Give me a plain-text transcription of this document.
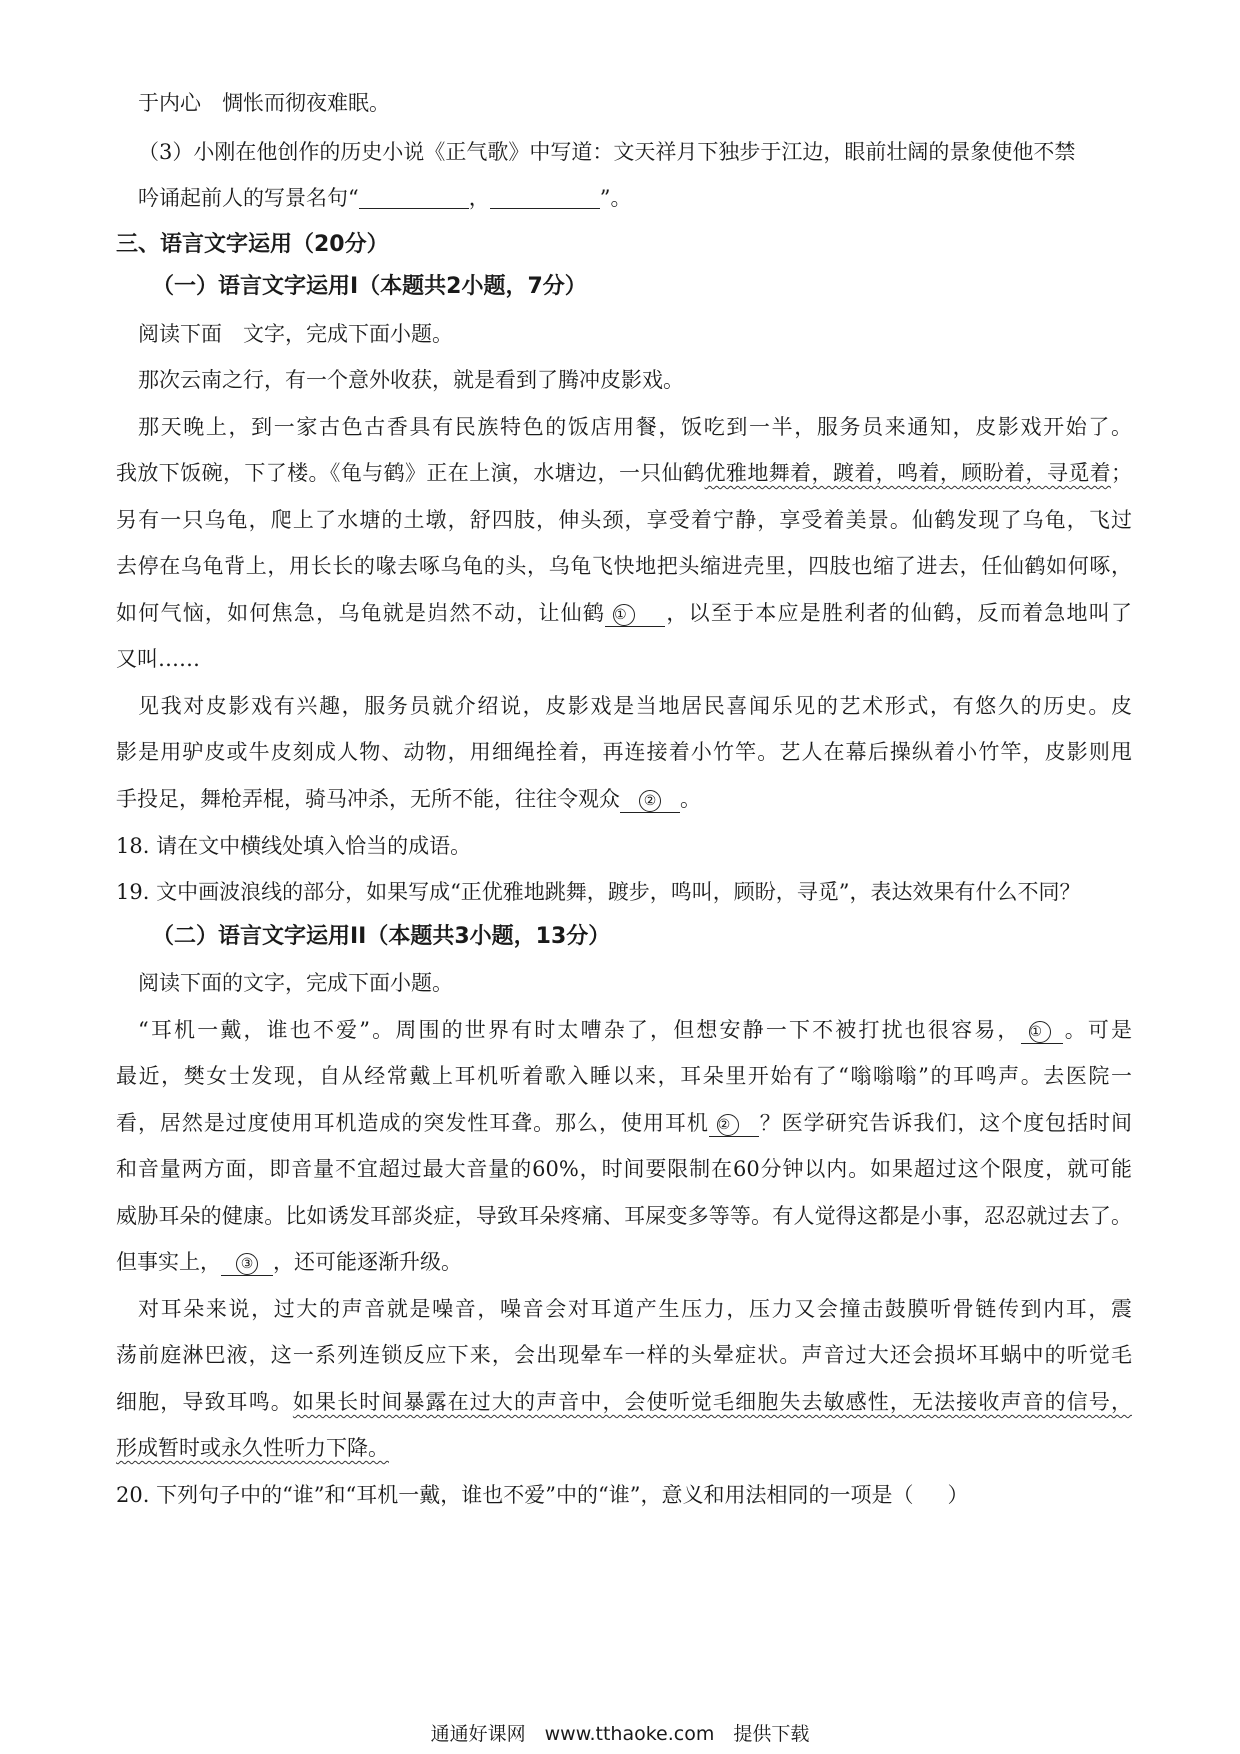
于内心 惆怅而彻夜难眠。
（3）小刚在他创作的历史小说《正气歌》中写道：文天祥月下独步于江边，眼前壮阔的景象使他不禁
吟诵起前人的写景名句“	，	”。
三、语言文字运用（20分）
（一）语言文字运用Ⅰ（本题共2小题，7分）
阅读下面 文字，完成下面小题。
那次云南之行，有一个意外收获，就是看到了腾冲皮影戏。
那天晚上，到一家古色古香具有民族特色的饭店用餐，饭吃到一半，服务员来通知，皮影戏开始了。
我放下饭碗，下了楼。《龟与鹤》正在上演，水塘边，一只仙鹤优雅地舞着，踱着，鸣着，顾盼着，寻觅着；
另有一只乌龟，爬上了水塘的土墩，舒四肢，伸头颈，享受着宁静，享受着美景。仙鹤发现了乌龟，飞过
去停在乌龟背上，用长长的喙去啄乌龟的头，乌龟飞快地把头缩进壳里，四肢也缩了进去，任仙鹤如何啄，
如何气恼，如何焦急，乌龟就是岿然不动，让仙鹤 ① ，以至于本应是胜利者的仙鹤，反而着急地叫了
又叫……
见我对皮影戏有兴趣，服务员就介绍说，皮影戏是当地居民喜闻乐见的艺术形式，有悠久的历史。皮
影是用驴皮或牛皮刻成人物、动物，用细绳拴着，再连接着小竹竿。艺人在幕后操纵着小竹竿，皮影则甩
手投足，舞枪弄棍，骑马冲杀，无所不能，往往令观众 ② 。
18. 请在文中横线处填入恰当的成语。
19. 文中画波浪线的部分，如果写成“正优雅地跳舞，踱步，鸣叫，顾盼，寻觅”，表达效果有什么不同？
（二）语言文字运用II（本题共3小题，13分）
阅读下面的文字，完成下面小题。
“耳机一戴，谁也不爱”。周围的世界有时太嘈杂了，但想安静一下不被打扰也很容易， ① 。可是
最近，樊女士发现，自从经常戴上耳机听着歌入睡以来，耳朵里开始有了“嗡嗡嗡”的耳鸣声。去医院一
看，居然是过度使用耳机造成的突发性耳聋。那么，使用耳机 ② ？医学研究告诉我们，这个度包括时间
和音量两方面，即音量不宜超过最大音量的60%，时间要限制在60分钟以内。如果超过这个限度，就可能
威胁耳朵的健康。比如诱发耳部炎症，导致耳朵疼痛、耳屎变多等等。有人觉得这都是小事，忍忍就过去了。
但事实上， ③ ，还可能逐渐升级。
对耳朵来说，过大的声音就是噪音，噪音会对耳道产生压力，压力又会撞击鼓膜听骨链传到内耳，震
荡前庭淋巴液，这一系列连锁反应下来，会出现晕车一样的头晕症状。声音过大还会损坏耳蜗中的听觉毛
细胞，导致耳鸣。如果长时间暴露在过大的声音中，会使听觉毛细胞失去敏感性，无法接收声音的信号，
形成暂时或永久性听力下降。
20. 下列句子中的“谁”和“耳机一戴，谁也不爱”中的“谁”，意义和用法相同的一项是（ ）
通通好课网　www.tthaoke.com　提供下载
